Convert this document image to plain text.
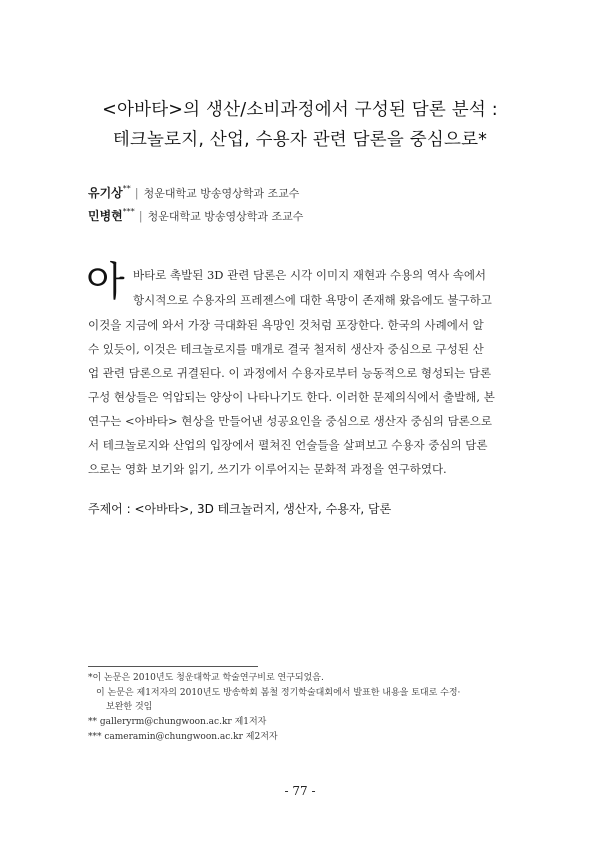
<아바타>의 생산/소비과정에서 구성된 담론 분석 :
테크놀로지, 산업, 수용자 관련 담론을 중심으로*
유기상** | 청운대학교 방송영상학과 조교수
민병현*** | 청운대학교 방송영상학과 조교수
아 바타로 촉발된 3D 관련 담론은 시각 이미지 재현과 수용의 역사 속에서
항시적으로 수용자의 프레젠스에 대한 욕망이 존재해 왔음에도 불구하고
이것을 지금에 와서 가장 극대화된 욕망인 것처럼 포장한다. 한국의 사례에서 알
수 있듯이, 이것은 테크놀로지를 매개로 결국 철저히 생산자 중심으로 구성된 산
업 관련 담론으로 귀결된다. 이 과정에서 수용자로부터 능동적으로 형성되는 담론
구성 현상들은 억압되는 양상이 나타나기도 한다. 이러한 문제의식에서 출발해, 본
연구는 <아바타> 현상을 만들어낸 성공요인을 중심으로 생산자 중심의 담론으로
서 테크놀로지와 산업의 입장에서 펼쳐진 언술들을 살펴보고 수용자 중심의 담론
으로는 영화 보기와 읽기, 쓰기가 이루어지는 문화적 과정을 연구하였다.
주제어 : <아바타>, 3D 테크놀러지, 생산자, 수용자, 담론
*이 논문은 2010년도 청운대학교 학술연구비로 연구되었음.
이 논문은 제1저자의 2010년도 방송학회 봄철 정기학술대회에서 발표한 내용을 토대로 수정·
보완한 것임
** galleryrm@chungwoon.ac.kr 제1저자
*** cameramin@chungwoon.ac.kr 제2저자
- 77 -
